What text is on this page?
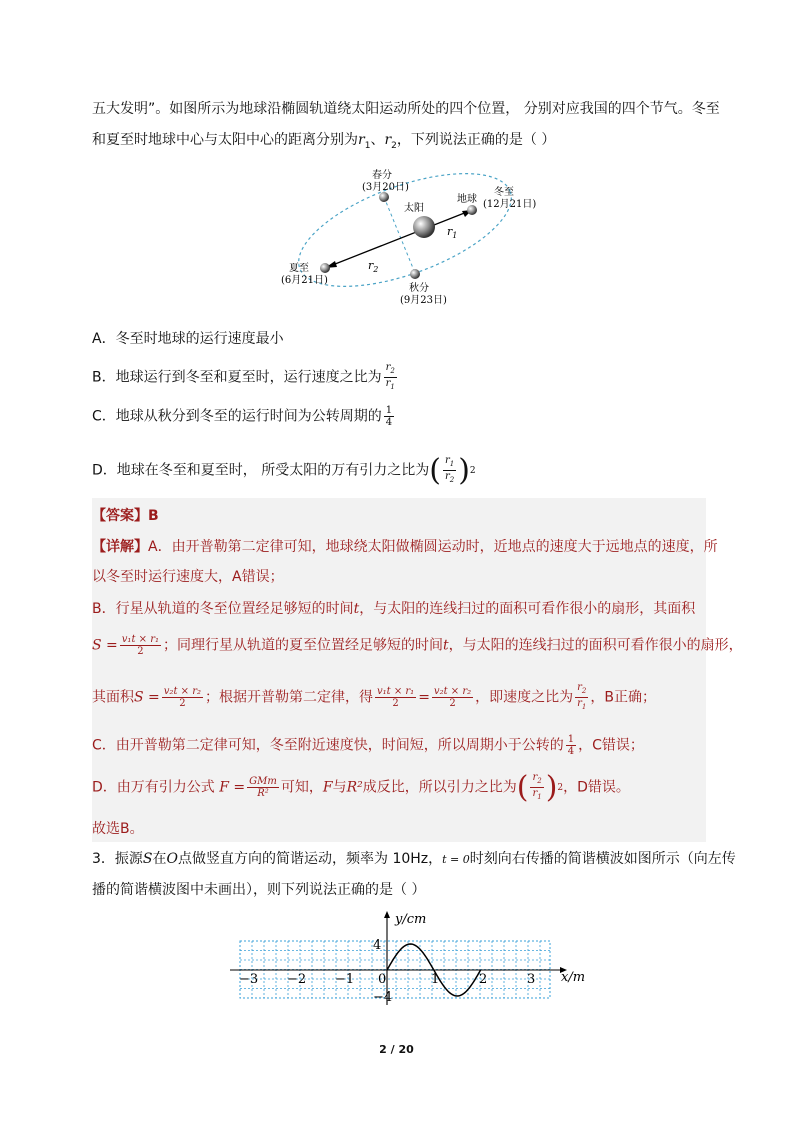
五大发明”。如图所示为地球沿椭圆轨道绕太阳运动所处的四个位置， 分别对应我国的四个节气。冬至
和夏至时地球中心与太阳中心的距离分别为$r_1$、$r_2$，下列说法正确的是（ ）
春分
(3月20日)
太阳
地球
冬至
(12月21日)
夏至
(6月21日)
秋分
(9月23日)
$r_1$
$r_2$
A．冬至时地球的运行速度最小
B．地球运行到冬至和夏至时，运行速度之比为 $\frac{r_2}{r_1}$
C．地球从秋分到冬至的运行时间为公转周期的 $\frac{1}{4}$
D．地球在冬至和夏至时， 所受太阳的万有引力之比为 ( $\frac{r_1}{r_2}$ ) 2
【答案】B
【详解】A．由开普勒第二定律可知，地球绕太阳做椭圆运动时，近地点的速度大于远地点的速度，所
以冬至时运行速度大，A错误；
B．行星从轨道的冬至位置经足够短的时间t，与太阳的连线扫过的面积可看作很小的扇形，其面积
$S = \frac{\text{v₁t × r₁}}{2}$ ；同理行星从轨道的夏至位置经足够短的时间t，与太阳的连线扫过的面积可看作很小的扇形，
其面积$S = \frac{\text{v₂t × r₂}}{2}$ ；根据开普勒第二定律，得 $\frac{\text{v₁t × r₁}}{2} = \frac{\text{v₂t × r₂}}{2}$ ，即速度之比为 $\frac{r_2}{r_1}$ ，B正确；
C．由开普勒第二定律可知，冬至附近速度快，时间短，所以周期小于公转的 $\frac{1}{4}$ ，C错误；
D．由万有引力公式 $F = \frac{\text{GMm}}{\text{R²}}$ 可知，F与R²成反比，所以引力之比为 ( $\frac{r_2}{r_1}$ ) 2 ，D错误。
故选B。
3．振源S在O点做竖直方向的简谐运动，频率为 10Hz，t = 0时刻向右传播的简谐横波如图所示（向左传
播的简谐横波图中未画出），则下列说法正确的是（ ）
x/m
y/cm
−3 −2 −1 0	1	2	3
4
−4
2 / 20
